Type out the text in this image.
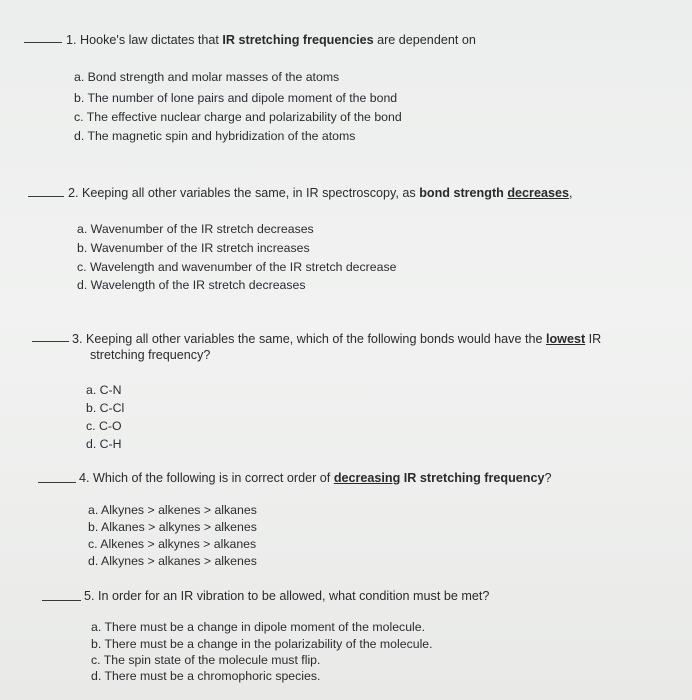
1. Hooke's law dictates that IR stretching frequencies are dependent on
a. Bond strength and molar masses of the atoms
b. The number of lone pairs and dipole moment of the bond
c. The effective nuclear charge and polarizability of the bond
d. The magnetic spin and hybridization of the atoms
2. Keeping all other variables the same, in IR spectroscopy, as bond strength decreases,
a. Wavenumber of the IR stretch decreases
b. Wavenumber of the IR stretch increases
c. Wavelength and wavenumber of the IR stretch decrease
d. Wavelength of the IR stretch decreases
3. Keeping all other variables the same, which of the following bonds would have the lowest IR
stretching frequency?
a. C-N
b. C-Cl
c. C-O
d. C-H
4. Which of the following is in correct order of decreasing IR stretching frequency?
a. Alkynes > alkenes > alkanes
b. Alkanes > alkynes > alkenes
c. Alkenes > alkynes > alkanes
d. Alkynes > alkanes > alkenes
5. In order for an IR vibration to be allowed, what condition must be met?
a. There must be a change in dipole moment of the molecule.
b. There must be a change in the polarizability of the molecule.
c. The spin state of the molecule must flip.
d. There must be a chromophoric species.
